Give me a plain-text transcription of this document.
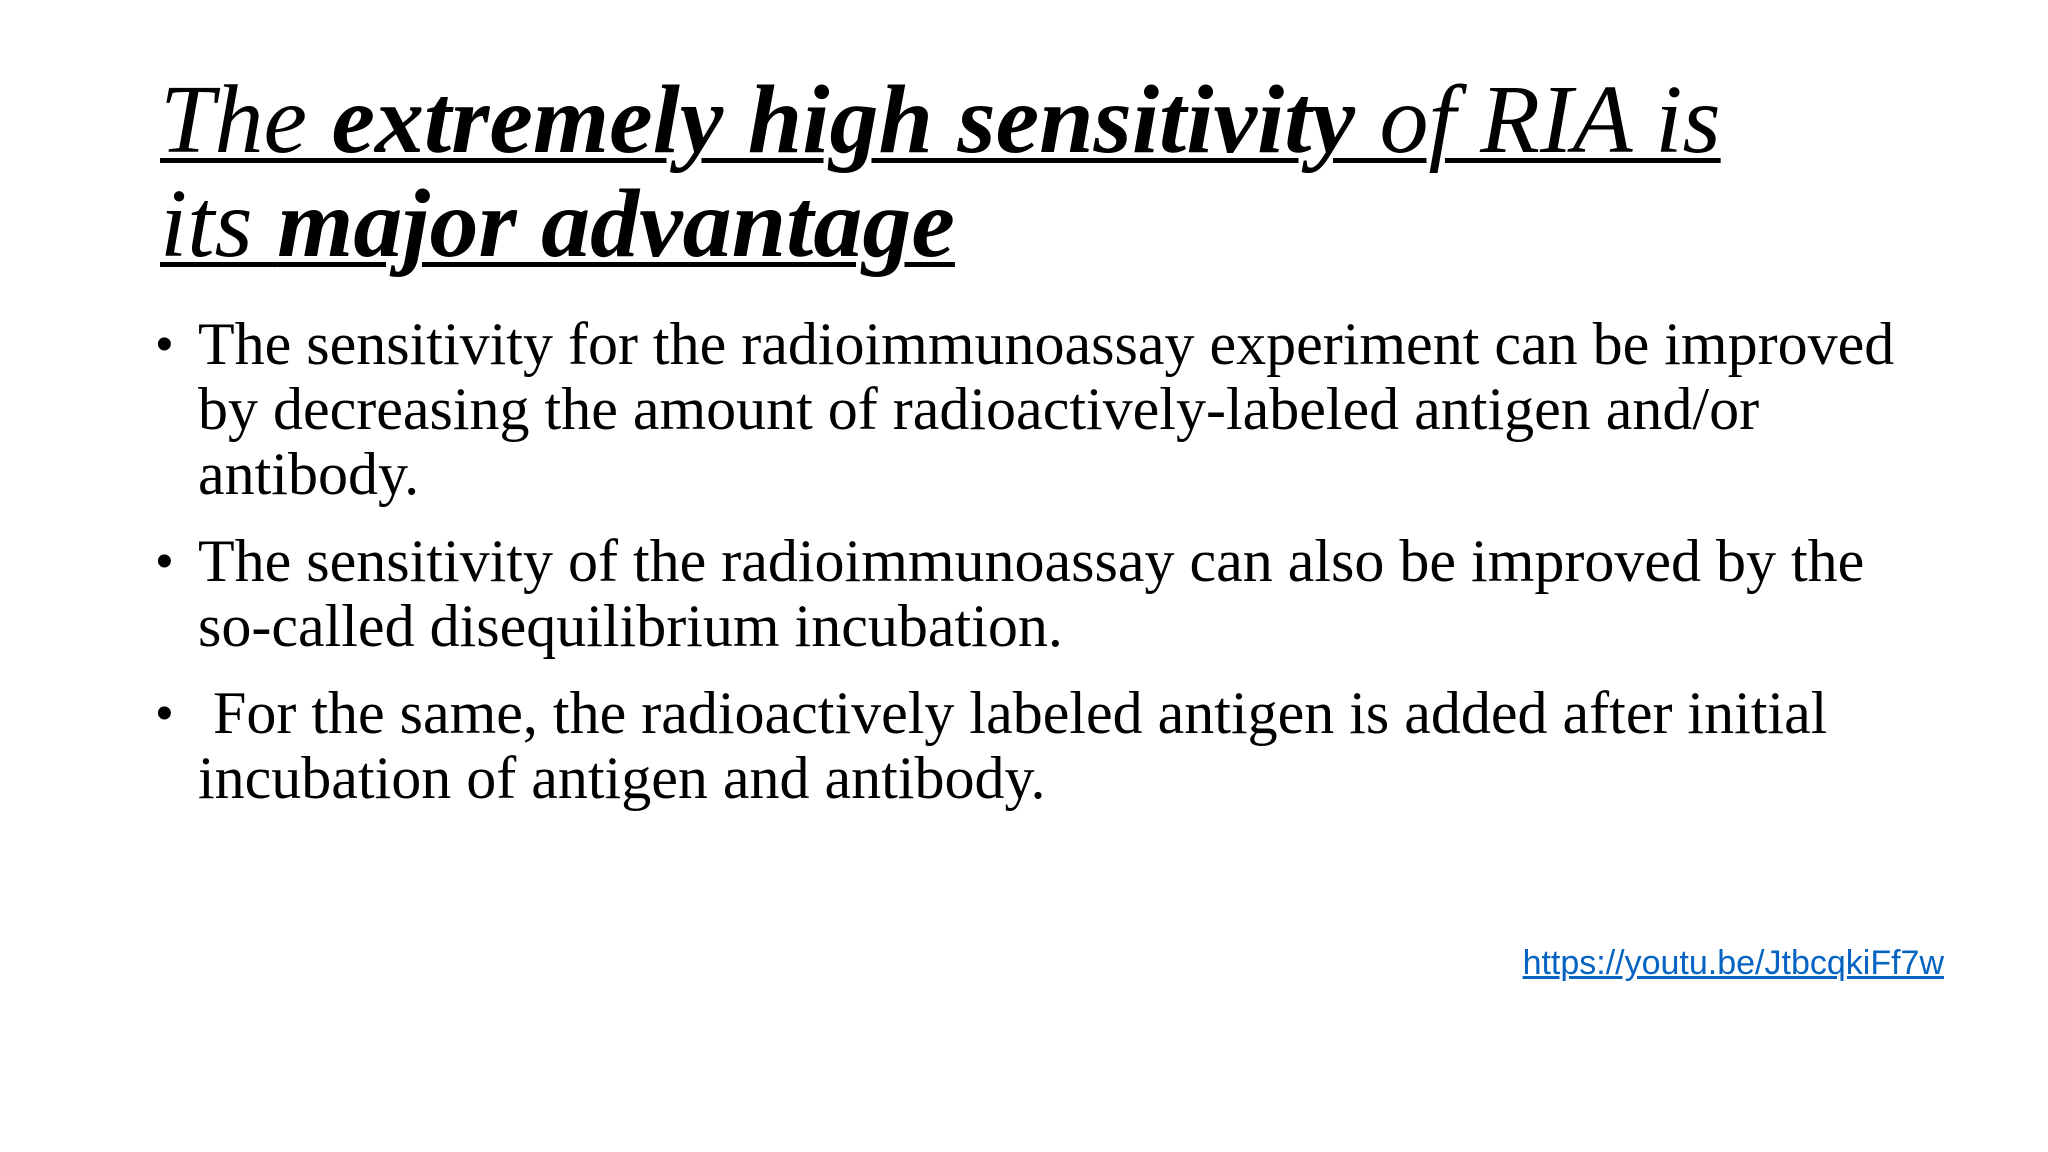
The extremely high sensitivity of RIA is its major advantage
• The sensitivity for the radioimmunoassay experiment can be improved by decreasing the amount of radioactively-labeled antigen and/or antibody.
• The sensitivity of the radioimmunoassay can also be improved by the so-called disequilibrium incubation.
• For the same, the radioactively labeled antigen is added after initial incubation of antigen and antibody.
https://youtu.be/JtbcqkiFf7w
